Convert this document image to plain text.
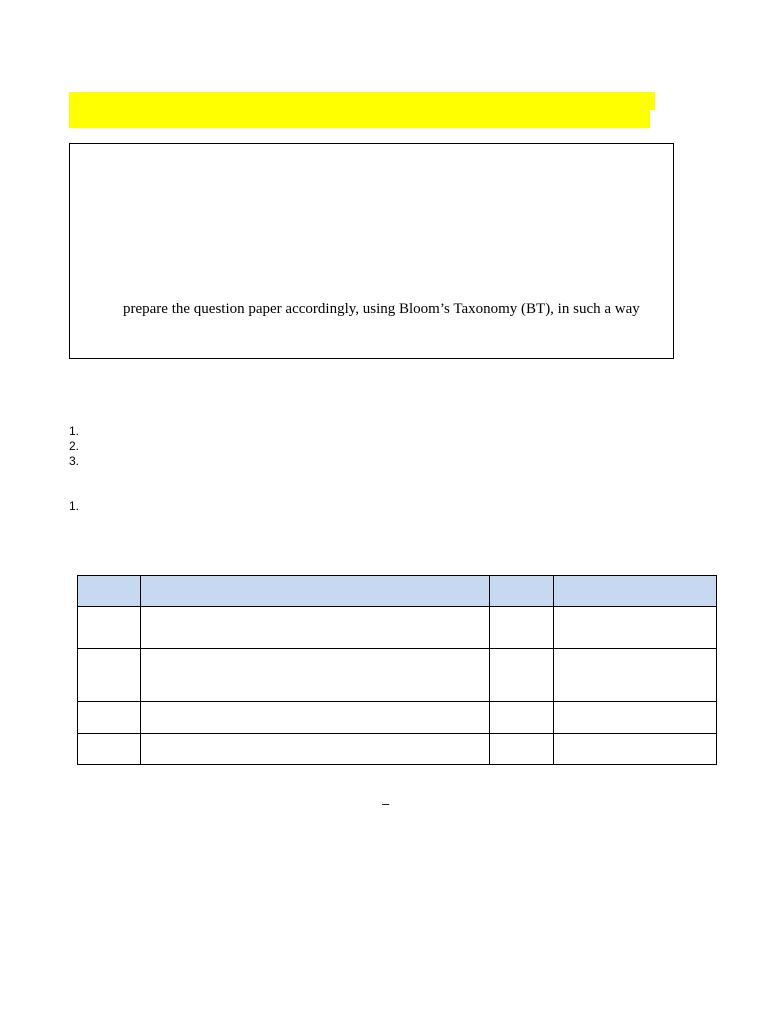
prepare the question paper accordingly, using Bloom’s Taxonomy (BT), in such a way
1.
2.
3.
1.

–
